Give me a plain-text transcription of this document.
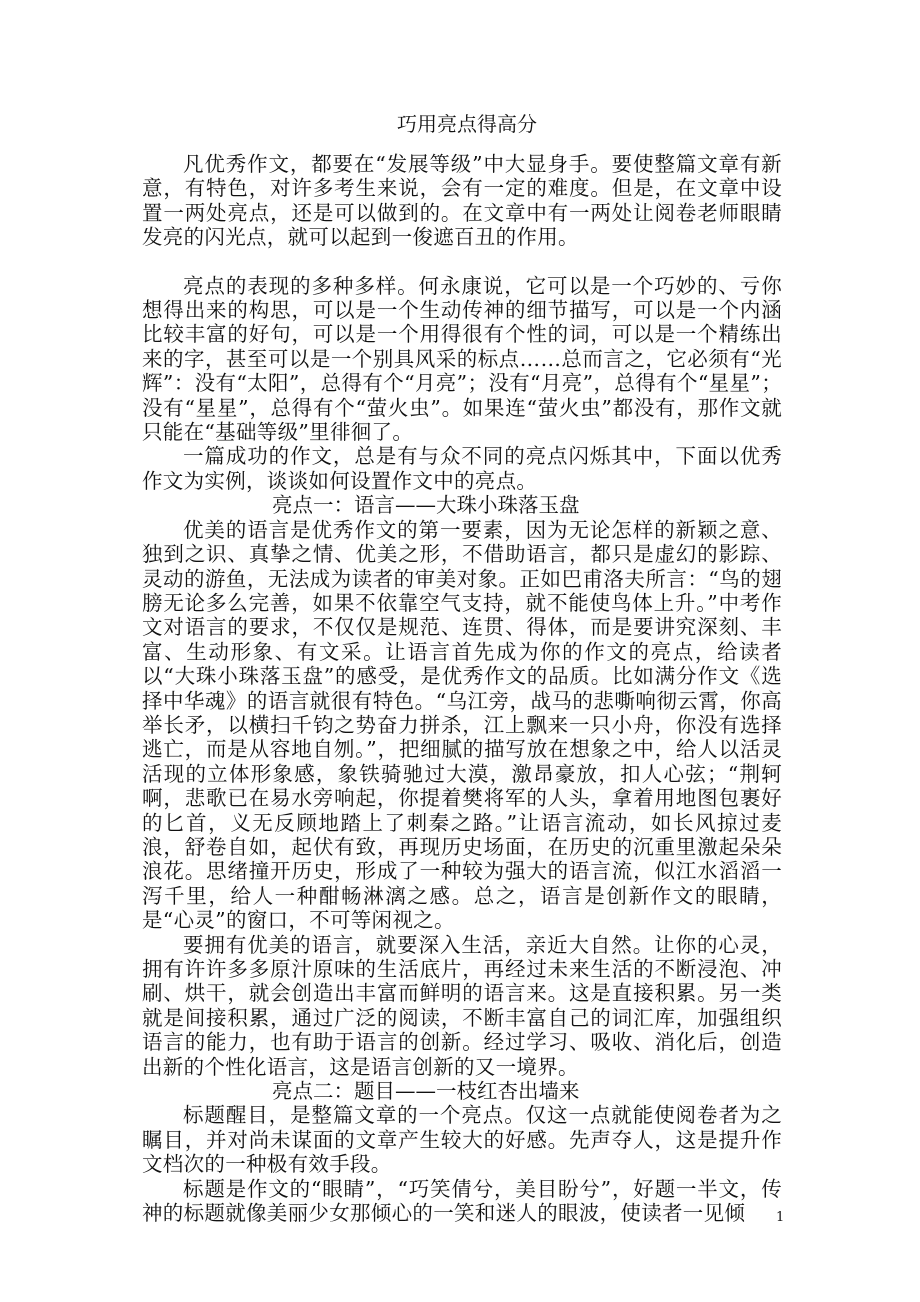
巧用亮点得高分

凡优秀作文，都要在“发展等级”中大显身手。要使整篇文章有新意，有特色，对许多考生来说，会有一定的难度。但是，在文章中设置一两处亮点，还是可以做到的。在文章中有一两处让阅卷老师眼睛发亮的闪光点，就可以起到一俊遮百丑的作用。

亮点的表现的多种多样。何永康说，它可以是一个巧妙的、亏你想得出来的构思，可以是一个生动传神的细节描写，可以是一个内涵比较丰富的好句，可以是一个用得很有个性的词，可以是一个精练出来的字，甚至可以是一个别具风采的标点……总而言之，它必须有“光辉”：没有“太阳”，总得有个“月亮”；没有“月亮”，总得有个“星星”；没有“星星”，总得有个“萤火虫”。如果连“萤火虫”都没有，那作文就只能在“基础等级”里徘徊了。

一篇成功的作文，总是有与众不同的亮点闪烁其中，下面以优秀作文为实例，谈谈如何设置作文中的亮点。

亮点一：语言——大珠小珠落玉盘

优美的语言是优秀作文的第一要素，因为无论怎样的新颖之意、独到之识、真挚之情、优美之形，不借助语言，都只是虚幻的影踪、灵动的游鱼，无法成为读者的审美对象。正如巴甫洛夫所言：“鸟的翅膀无论多么完善，如果不依靠空气支持，就不能使鸟体上升。”中考作文对语言的要求，不仅仅是规范、连贯、得体，而是要讲究深刻、丰富、生动形象、有文采。让语言首先成为你的作文的亮点，给读者以“大珠小珠落玉盘”的感受，是优秀作文的品质。比如满分作文《选择中华魂》的语言就很有特色。“乌江旁，战马的悲嘶响彻云霄，你高举长矛，以横扫千钧之势奋力拼杀，江上飘来一只小舟，你没有选择逃亡，而是从容地自刎。”，把细腻的描写放在想象之中，给人以活灵活现的立体形象感，象铁骑驰过大漠，激昂豪放，扣人心弦；“荆轲啊，悲歌已在易水旁响起，你提着樊将军的人头，拿着用地图包裹好的匕首，义无反顾地踏上了刺秦之路。”让语言流动，如长风掠过麦浪，舒卷自如，起伏有致，再现历史场面，在历史的沉重里激起朵朵浪花。思绪撞开历史，形成了一种较为强大的语言流，似江水滔滔一泻千里，给人一种酣畅淋漓之感。总之，语言是创新作文的眼睛，是“心灵”的窗口，不可等闲视之。

要拥有优美的语言，就要深入生活，亲近大自然。让你的心灵，拥有许许多多原汁原味的生活底片，再经过未来生活的不断浸泡、冲刷、烘干，就会创造出丰富而鲜明的语言来。这是直接积累。另一类就是间接积累，通过广泛的阅读，不断丰富自己的词汇库，加强组织语言的能力，也有助于语言的创新。经过学习、吸收、消化后，创造出新的个性化语言，这是语言创新的又一境界。

亮点二：题目——一枝红杏出墙来

标题醒目，是整篇文章的一个亮点。仅这一点就能使阅卷者为之瞩目，并对尚未谋面的文章产生较大的好感。先声夺人，这是提升作文档次的一种极有效手段。

标题是作文的“眼睛”，“巧笑倩兮，美目盼兮”，好题一半文，传神的标题就像美丽少女那倾心的一笑和迷人的眼波，使读者一见倾	1
